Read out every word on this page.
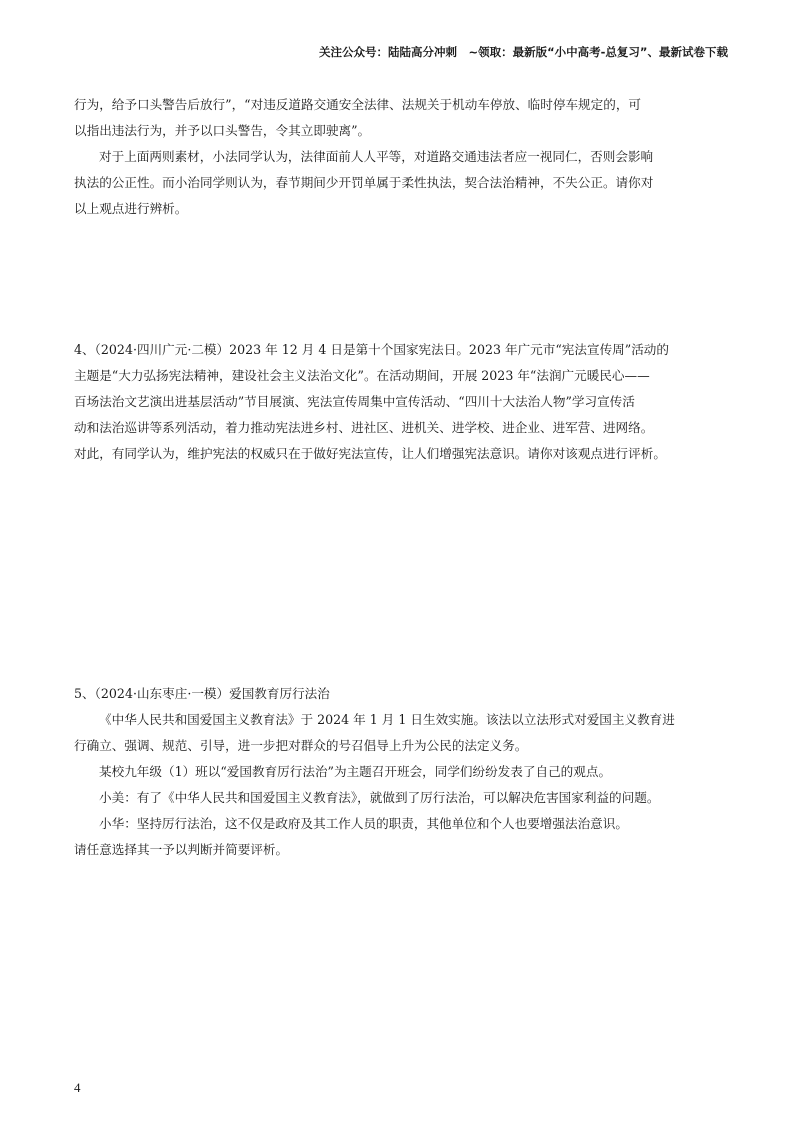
关注公众号：陆陆高分冲刺　~领取：最新版“小中高考-总复习”、最新试卷下载
行为，给予口头警告后放行”，“对违反道路交通安全法律、法规关于机动车停放、临时停车规定的，可
以指出违法行为，并予以口头警告，令其立即驶离”。
对于上面两则素材，小法同学认为，法律面前人人平等，对道路交通违法者应一视同仁，否则会影响
执法的公正性。而小治同学则认为，春节期间少开罚单属于柔性执法，契合法治精神，不失公正。请你对
以上观点进行辨析。
4、（2024·四川广元·二模）2023 年 12 月 4 日是第十个国家宪法日。2023 年广元市“宪法宣传周”活动的
主题是“大力弘扬宪法精神，建设社会主义法治文化”。在活动期间，开展 2023 年“法润广元暖民心——
百场法治文艺演出进基层活动”节目展演、宪法宣传周集中宣传活动、“四川十大法治人物”学习宣传活
动和法治巡讲等系列活动，着力推动宪法进乡村、进社区、进机关、进学校、进企业、进军营、进网络。
对此，有同学认为，维护宪法的权威只在于做好宪法宣传，让人们增强宪法意识。请你对该观点进行评析。
5、（2024·山东枣庄·一模）爱国教育厉行法治
《中华人民共和国爱国主义教育法》于 2024 年 1 月 1 日生效实施。该法以立法形式对爱国主义教育进
行确立、强调、规范、引导，进一步把对群众的号召倡导上升为公民的法定义务。
某校九年级（1）班以“爱国教育厉行法治”为主题召开班会，同学们纷纷发表了自己的观点。
小美：有了《中华人民共和国爱国主义教育法》，就做到了厉行法治，可以解决危害国家利益的问题。
小华：坚持厉行法治，这不仅是政府及其工作人员的职责，其他单位和个人也要增强法治意识。
请任意选择其一予以判断并简要评析。
4
